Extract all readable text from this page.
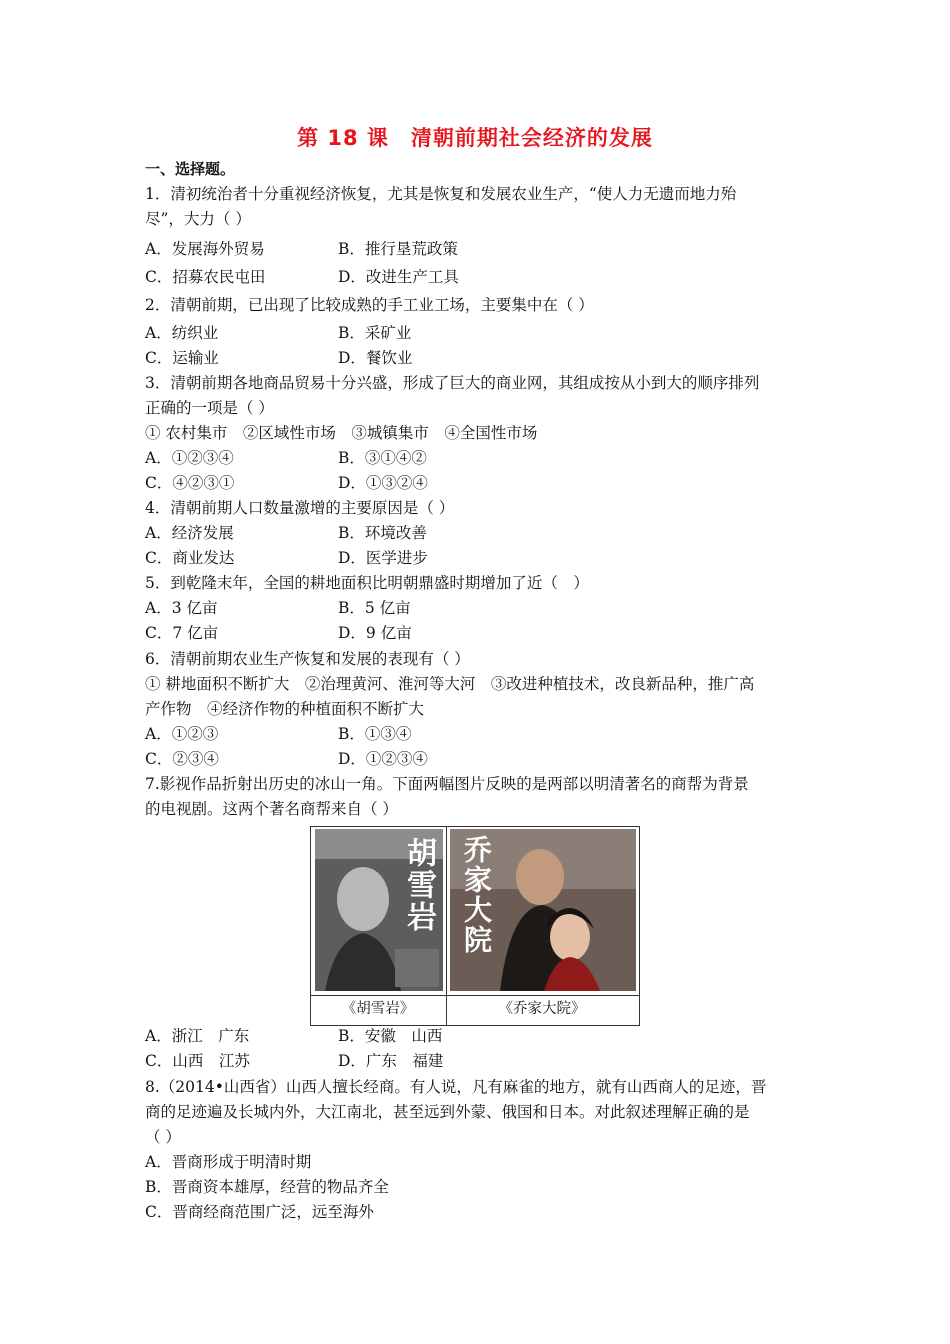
第 18 课　清朝前期社会经济的发展
一、选择题。
1．清初统治者十分重视经济恢复，尤其是恢复和发展农业生产，“使人力无遗而地力殆
尽”，大力（ ）
A．发展海外贸易	B．推行垦荒政策
C．招募农民屯田	D．改进生产工具
2．清朝前期，已出现了比较成熟的手工业工场，主要集中在（ ）
A．纺织业	B．采矿业
C．运输业	D．餐饮业
3．清朝前期各地商品贸易十分兴盛，形成了巨大的商业网，其组成按从小到大的顺序排列
正确的一项是（ ）
① 农村集市　②区域性市场　③城镇集市　④全国性市场
A．①②③④	B．③①④②
C．④②③①	D．①③②④
4．清朝前期人口数量激增的主要原因是（ ）
A．经济发展	B．环境改善
C．商业发达	D．医学进步
5．到乾隆末年，全国的耕地面积比明朝鼎盛时期增加了近（　）
A．3 亿亩	B．5 亿亩
C．7 亿亩	D．9 亿亩
6．清朝前期农业生产恢复和发展的表现有（ ）
① 耕地面积不断扩大　②治理黄河、淮河等大河　③改进种植技术，改良新品种，推广高
产作物　④经济作物的种植面积不断扩大
A．①②③	B．①③④
C．②③④	D．①②③④
7.影视作品折射出历史的冰山一角。下面两幅图片反映的是两部以明清著名的商帮为背景
的电视剧。这两个著名商帮来自（ ）
胡雪岩 乔家大院
《胡雪岩》	《乔家大院》
A．浙江　广东	B．安徽　山西
C．山西　江苏	D．广东　福建
8.（2014•山西省）山西人擅长经商。有人说，凡有麻雀的地方，就有山西商人的足迹，晋
商的足迹遍及长城内外，大江南北，甚至远到外蒙、俄国和日本。对此叙述理解正确的是
（ ）
A．晋商形成于明清时期
B．晋商资本雄厚，经营的物品齐全
C．晋商经商范围广泛，远至海外
